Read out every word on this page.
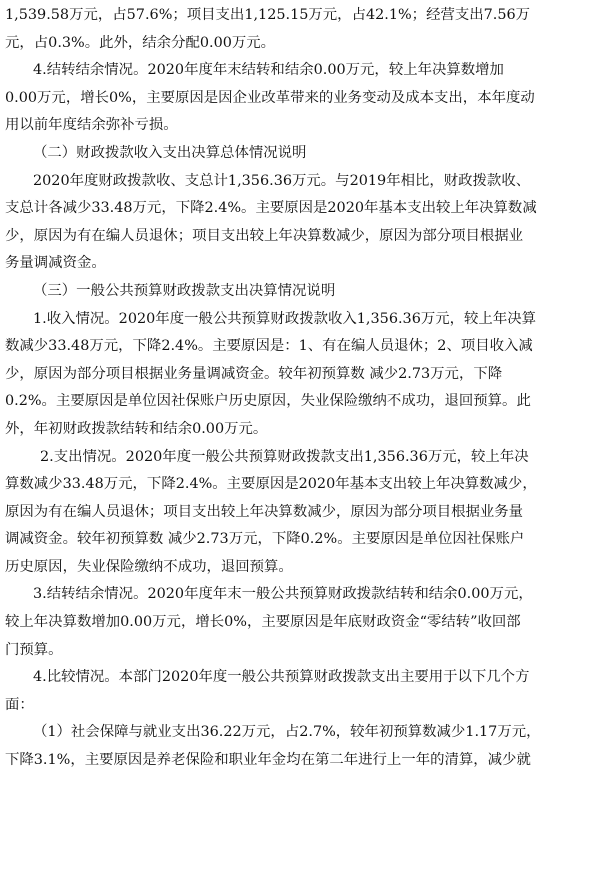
1,539.58万元，占57.6%；项目支出1,125.15万元，占42.1%；经营支出7.56万
元，占0.3%。此外，结余分配0.00万元。
4.结转结余情况。2020年度年末结转和结余0.00万元，较上年决算数增加
0.00万元，增长0%，主要原因是因企业改革带来的业务变动及成本支出，本年度动
用以前年度结余弥补亏损。
（二）财政拨款收入支出决算总体情况说明
2020年度财政拨款收、支总计1,356.36万元。与2019年相比，财政拨款收、
支总计各减少33.48万元，下降2.4%。主要原因是2020年基本支出较上年决算数减
少，原因为有在编人员退休；项目支出较上年决算数减少，原因为部分项目根据业
务量调减资金。
（三）一般公共预算财政拨款支出决算情况说明
1.收入情况。2020年度一般公共预算财政拨款收入1,356.36万元，较上年决算
数减少33.48万元，下降2.4%。主要原因是：1、有在编人员退休；2、项目收入减
少，原因为部分项目根据业务量调减资金。较年初预算数 减少2.73万元，下降
0.2%。主要原因是单位因社保账户历史原因，失业保险缴纳不成功，退回预算。此
外，年初财政拨款结转和结余0.00万元。
2.支出情况。2020年度一般公共预算财政拨款支出1,356.36万元，较上年决
算数减少33.48万元，下降2.4%。主要原因是2020年基本支出较上年决算数减少，
原因为有在编人员退休；项目支出较上年决算数减少，原因为部分项目根据业务量
调减资金。较年初预算数 减少2.73万元，下降0.2%。主要原因是单位因社保账户
历史原因，失业保险缴纳不成功，退回预算。
3.结转结余情况。2020年度年末一般公共预算财政拨款结转和结余0.00万元，
较上年决算数增加0.00万元，增长0%，主要原因是年底财政资金“零结转”收回部
门预算。
4.比较情况。本部门2020年度一般公共预算财政拨款支出主要用于以下几个方
面：
（1）社会保障与就业支出36.22万元，占2.7%，较年初预算数减少1.17万元，
下降3.1%，主要原因是养老保险和职业年金均在第二年进行上一年的清算，减少就
